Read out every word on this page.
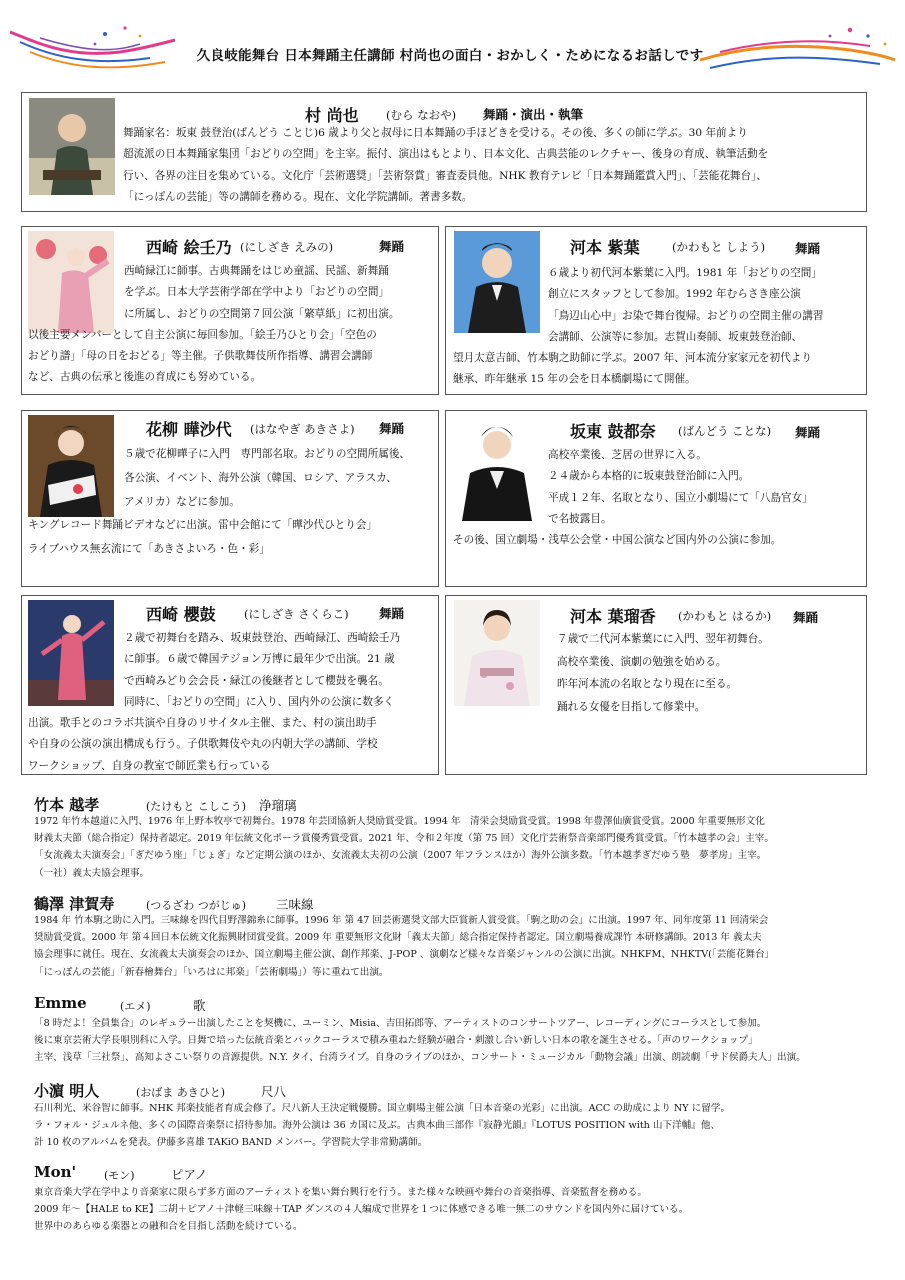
久良岐能舞台 日本舞踊主任講師 村尚也の面白・おかしく・ためになるお話しです
村 尚也 (むら なおや) 舞踊・演出・執筆
舞踊家名：坂東 鼓登治(ばんどう ことじ)6 歳より父と叔母に日本舞踊の手ほどきを受ける。その後、多くの師に学ぶ。30 年前より
超流派の日本舞踊家集団「おどりの空間」を主宰。振付、演出はもとより、日本文化、古典芸能のレクチャー、後身の育成、執筆活動を
行い、各界の注目を集めている。文化庁「芸術選奨」「芸術祭賞」審査委員他。NHK 教育テレビ「日本舞踊鑑賞入門」、「芸能花舞台」、
「にっぽんの芸能」等の講師を務める。現在、文化学院講師。著書多数。
西崎 絵壬乃 (にしざき えみの)	舞踊
西崎緑江に師事。古典舞踊をはじめ童謡、民謡、新舞踊
を学ぶ。日本大学芸術学部在学中より「おどりの空間」
に所属し、おどりの空間第７回公演「綮草紙」に初出演。
以後主要メンバーとして自主公演に毎回参加。「絵壬乃ひとり会」「空色の
おどり譜」「母の日をおどる」等主催。子供歌舞伎所作指導、講習会講師
など、古典の伝承と後進の育成にも努めている。
河本 紫葉	(かわもと しよう) 舞踊
６歳より初代河本紫葉に入門。1981 年「おどりの空間」
創立にスタッフとして参加。1992 年むらさき座公演
「鳥辺山心中」お染で舞台復帰。おどりの空間主催の講習
会講師、公演等に参加。志賀山奏師、坂東鼓登治師、
望月太意吉師、竹本駒之助師に学ぶ。2007 年、河本流分家家元を初代より
継承、昨年継承 15 年の会を日本橋劇場にて開催。
花柳 曄沙代 (はなやぎ あきさよ) 舞踊
５歳で花柳曄子に入門　専門部名取。おどりの空間所属後、
各公演、イベント、海外公演（韓国、ロシア、アラスカ、
アメリカ）などに参加。
キングレコード舞踊ビデオなどに出演。雷中会館にて「曄沙代ひとり会」
ライブハウス無玄流にて「あきさよいろ・色・彩」
坂東 鼓都奈 (ばんどう ことな) 舞踊
高校卒業後、芝居の世界に入る。
２４歳から本格的に坂東鼓登治師に入門。
平成１２年、名取となり、国立小劇場にて「八島官女」
で名披露目。
その後、国立劇場・浅草公会堂・中国公演など国内外の公演に参加。
西崎 櫻鼓 (にしざき さくらこ) 舞踊
２歳で初舞台を踏み、坂東鼓登治、西崎緑江、西崎絵壬乃
に師事。６歳で韓国テジョン万博に最年少で出演。21 歳
で西崎みどり会会長・緑江の後継者として櫻鼓を襲名。
同時に、「おどりの空間」に入り、国内外の公演に数多く
出演。歌手とのコラボ共演や自身のリサイタル主催、また、村の演出助手
や自身の公演の演出構成も行う。子供歌舞伎や丸の内朝大学の講師、学校
ワークショップ、自身の教室で師匠業も行っている
河本 葉瑠香 (かわもと はるか) 舞踊
７歳で二代河本紫葉にに入門、翌年初舞台。
高校卒業後、演劇の勉強を始める。
昨年河本流の名取となり現在に至る。
踊れる女優を目指して修業中。
竹本 越孝	(たけもと こしこう) 浄瑠璃
1972 年竹本越道に入門、1976 年上野本牧亭で初舞台。1978 年芸団協新人奨励賞受賞。1994 年　清栄会奨励賞受賞。1998 年豊澤仙廣賞受賞。2000 年重要無形文化
財義太夫節（総合指定）保持者認定。2019 年伝統文化ポーラ賞優秀賞受賞。2021 年、令和２年度（第 75 回）文化庁芸術祭音楽部門優秀賞受賞。「竹本越孝の会」主宰。
「女流義太夫演奏会」「ぎだゆう座」「じょぎ」など定期公演のほか、女流義太夫初の公演（2007 年フランスほか）海外公演多数。「竹本越孝ぎだゆう塾　夢孝房」主宰。
（一社）義太夫協会理事。
鶴澤 津賀寿	(つるざわ つがじゅ) 三味線
1984 年 竹本駒之助に入門。三味線を四代目野澤錦糸に師事。1996 年 第 47 回芸術選奨文部大臣賞新人賞受賞。「駒之助の会」に出演。1997 年、同年度第 11 回清栄会
奨励賞受賞。2000 年 第４回日本伝統文化振興財団賞受賞。2009 年 重要無形文化財「義太夫節」総合指定保持者認定。国立劇場養成課竹 本研修講師。2013 年 義太夫
協会理事に就任。現在、女流義太夫演奏会のほか、国立劇場主催公演、創作邦楽、J-POP 、演劇など様々な音楽ジャンルの公演に出演。NHKFM、NHKTV(「芸能花舞台」
「にっぽんの芸能」「新春檜舞台」「いろはに邦楽」「芸術劇場」）等に重ねて出演。
Emme	(エメ)	歌
「8 時だよ！全員集合」のレギュラー出演したことを契機に、ユーミン、Misia、吉田拓郎等、アーティストのコンサートツアー、レコーディングにコーラスとして参加。
後に東京芸術大学長唄別科に入学。日舞で培った伝統音楽とバックコーラスで積み重ねた経験が融合・刺激し合い新しい日本の歌を誕生させる。「声のワークショップ」
主宰、浅草「三社祭」、高知よさこい祭りの音源提供。N.Y. タイ、台湾ライブ。自身のライブのほか、コンサート・ミュージカル「動物会議」出演、朗読劇「サド侯爵夫人」出演。
小濵 明人	(おばま あきひと)	尺八
石川利光、米谷智に師事。NHK 邦楽技能者育成会修了。尺八新人王決定戦優勝。国立劇場主催公演「日本音楽の光彩」に出演。ACC の助成により NY に留学。
ラ・フォル・ジュルネ他、多くの国際音楽祭に招待参加。海外公演は 36 カ国に及ぶ。古典本曲三部作『寂静光韻』『LOTUS POSITION with 山下洋輔』他、
計 10 枚のアルバムを発表。伊藤多喜雄 TAKiO BAND メンバー。学習院大学非常勤講師。
Mon'	(モン)	ピアノ
東京音楽大学在学中より音楽家に限らず多方面のアーティストを集い舞台興行を行う。また様々な映画や舞台の音楽指導、音楽監督を務める。
2009 年～【HALE to KE】二胡＋ピアノ＋津軽三味線＋TAP ダンスの４人編成で世界を１つに体感できる唯一無二のサウンドを国内外に届けている。
世界中のあらゆる楽器との融和合を目指し活動を続けている。
